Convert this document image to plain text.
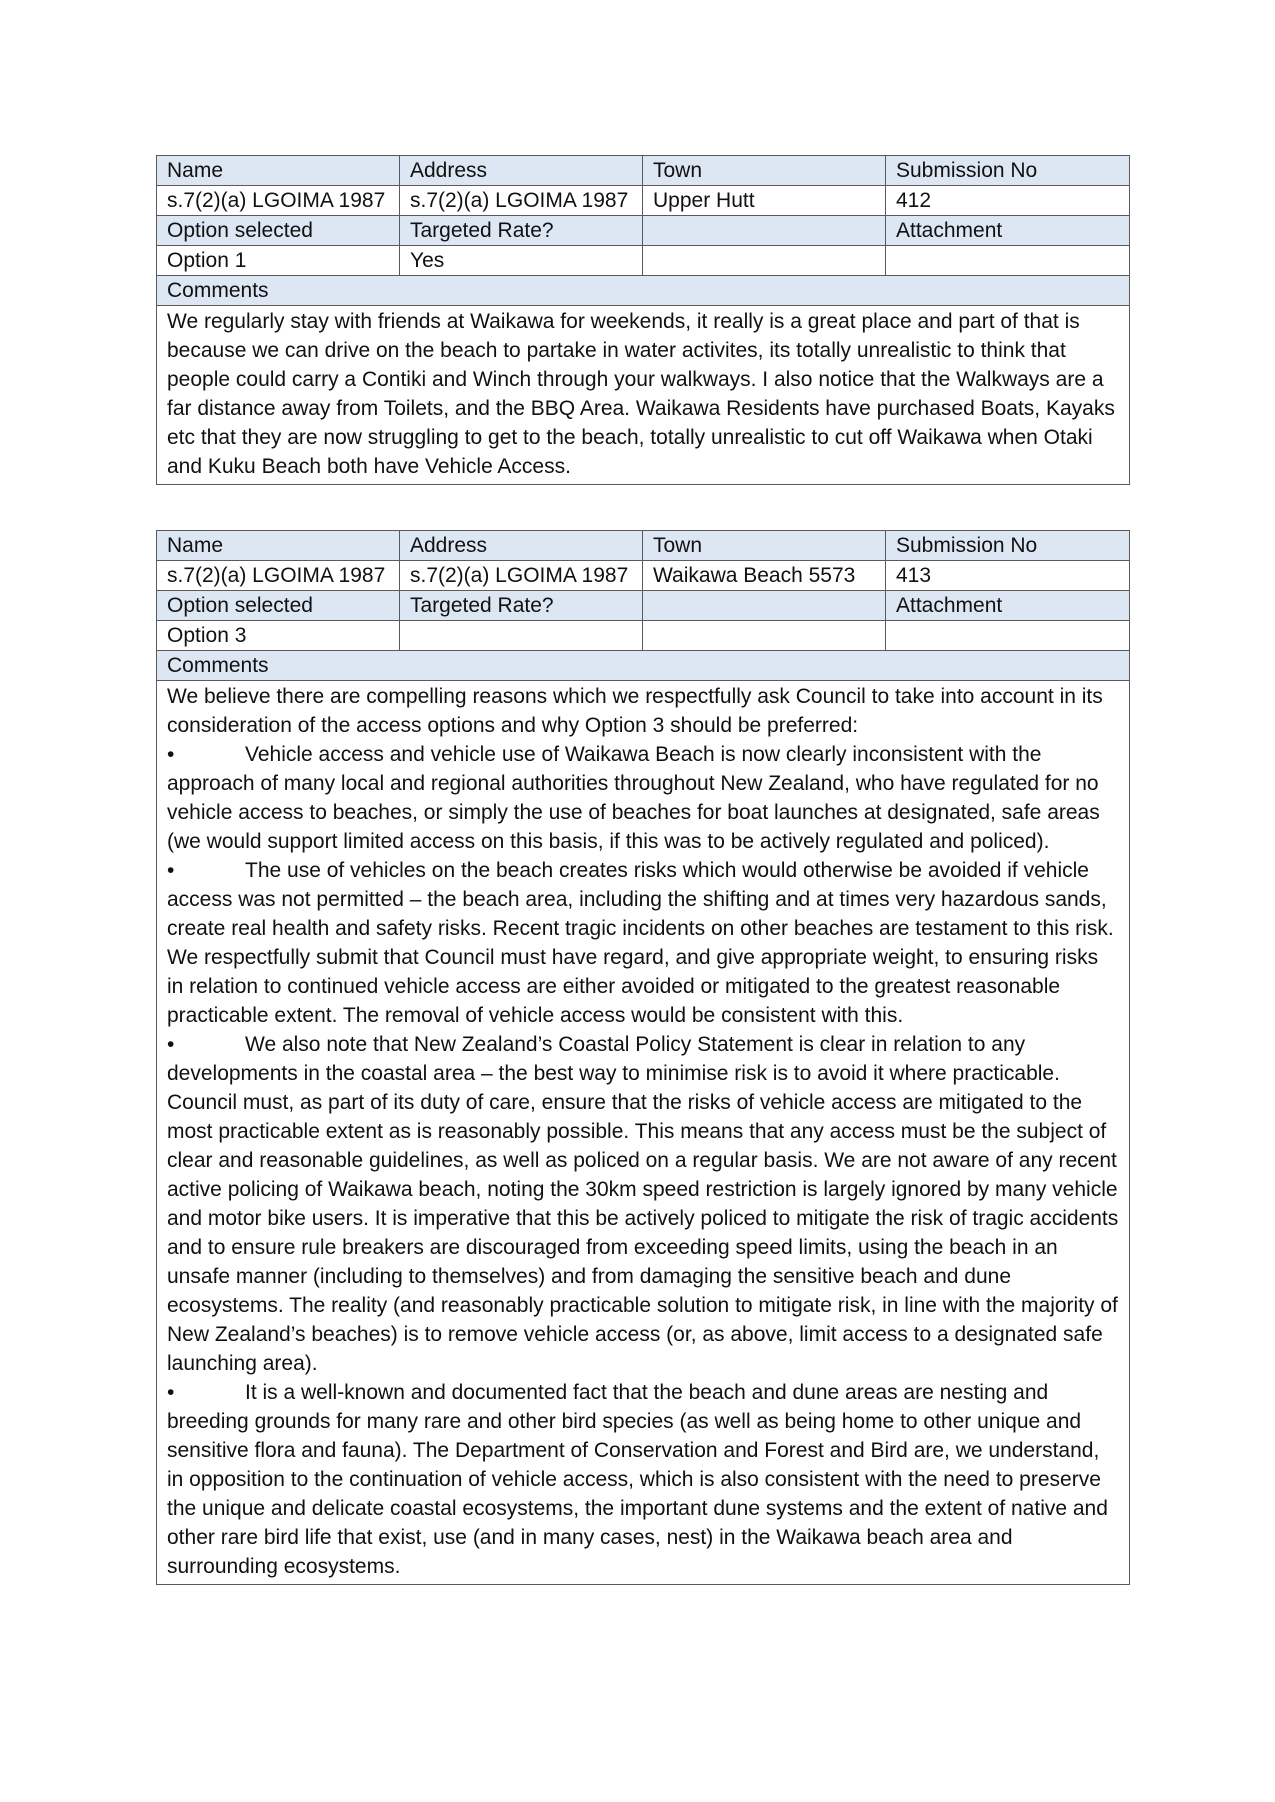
Name	Address	Town	Submission No
s.7(2)(a) LGOIMA 1987	s.7(2)(a) LGOIMA 1987	Upper Hutt	412
Option selected	Targeted Rate?		Attachment
Option 1	Yes		
Comments			
We regularly stay with friends at Waikawa for weekends, it really is a great place and part of that is because we can drive on the beach to partake in water activites, its totally unrealistic to think that people could carry a Contiki and Winch through your walkways. I also notice that the Walkways are a far distance away from Toilets, and the BBQ Area. Waikawa Residents have purchased Boats, Kayaks etc that they are now struggling to get to the beach, totally unrealistic to cut off Waikawa when Otaki and Kuku Beach both have Vehicle Access.			
Name	Address	Town	Submission No
s.7(2)(a) LGOIMA 1987	s.7(2)(a) LGOIMA 1987	Waikawa Beach 5573	413
Option selected	Targeted Rate?		Attachment
Option 3			
Comments			

We believe there are compelling reasons which we respectfully ask Council to take into account in its consideration of the access options and why Option 3 should be preferred:
• Vehicle access and vehicle use of Waikawa Beach is now clearly inconsistent with the approach of many local and regional authorities throughout New Zealand, who have regulated for no vehicle access to beaches, or simply the use of beaches for boat launches at designated, safe areas (we would support limited access on this basis, if this was to be actively regulated and policed).
• The use of vehicles on the beach creates risks which would otherwise be avoided if vehicle access was not permitted – the beach area, including the shifting and at times very hazardous sands, create real health and safety risks. Recent tragic incidents on other beaches are testament to this risk. We respectfully submit that Council must have regard, and give appropriate weight, to ensuring risks in relation to continued vehicle access are either avoided or mitigated to the greatest reasonable practicable extent. The removal of vehicle access would be consistent with this.
• We also note that New Zealand’s Coastal Policy Statement is clear in relation to any developments in the coastal area – the best way to minimise risk is to avoid it where practicable. Council must, as part of its duty of care, ensure that the risks of vehicle access are mitigated to the most practicable extent as is reasonably possible. This means that any access must be the subject of clear and reasonable guidelines, as well as policed on a regular basis. We are not aware of any recent active policing of Waikawa beach, noting the 30km speed restriction is largely ignored by many vehicle and motor bike users. It is imperative that this be actively policed to mitigate the risk of tragic accidents and to ensure rule breakers are discouraged from exceeding speed limits, using the beach in an unsafe manner (including to themselves) and from damaging the sensitive beach and dune ecosystems. The reality (and reasonably practicable solution to mitigate risk, in line with the majority of New Zealand’s beaches) is to remove vehicle access (or, as above, limit access to a designated safe launching area).
• It is a well-known and documented fact that the beach and dune areas are nesting and breeding grounds for many rare and other bird species (as well as being home to other unique and sensitive flora and fauna). The Department of Conservation and Forest and Bird are, we understand, in opposition to the continuation of vehicle access, which is also consistent with the need to preserve the unique and delicate coastal ecosystems, the important dune systems and the extent of native and other rare bird life that exist, use (and in many cases, nest) in the Waikawa beach area and surrounding ecosystems.			
